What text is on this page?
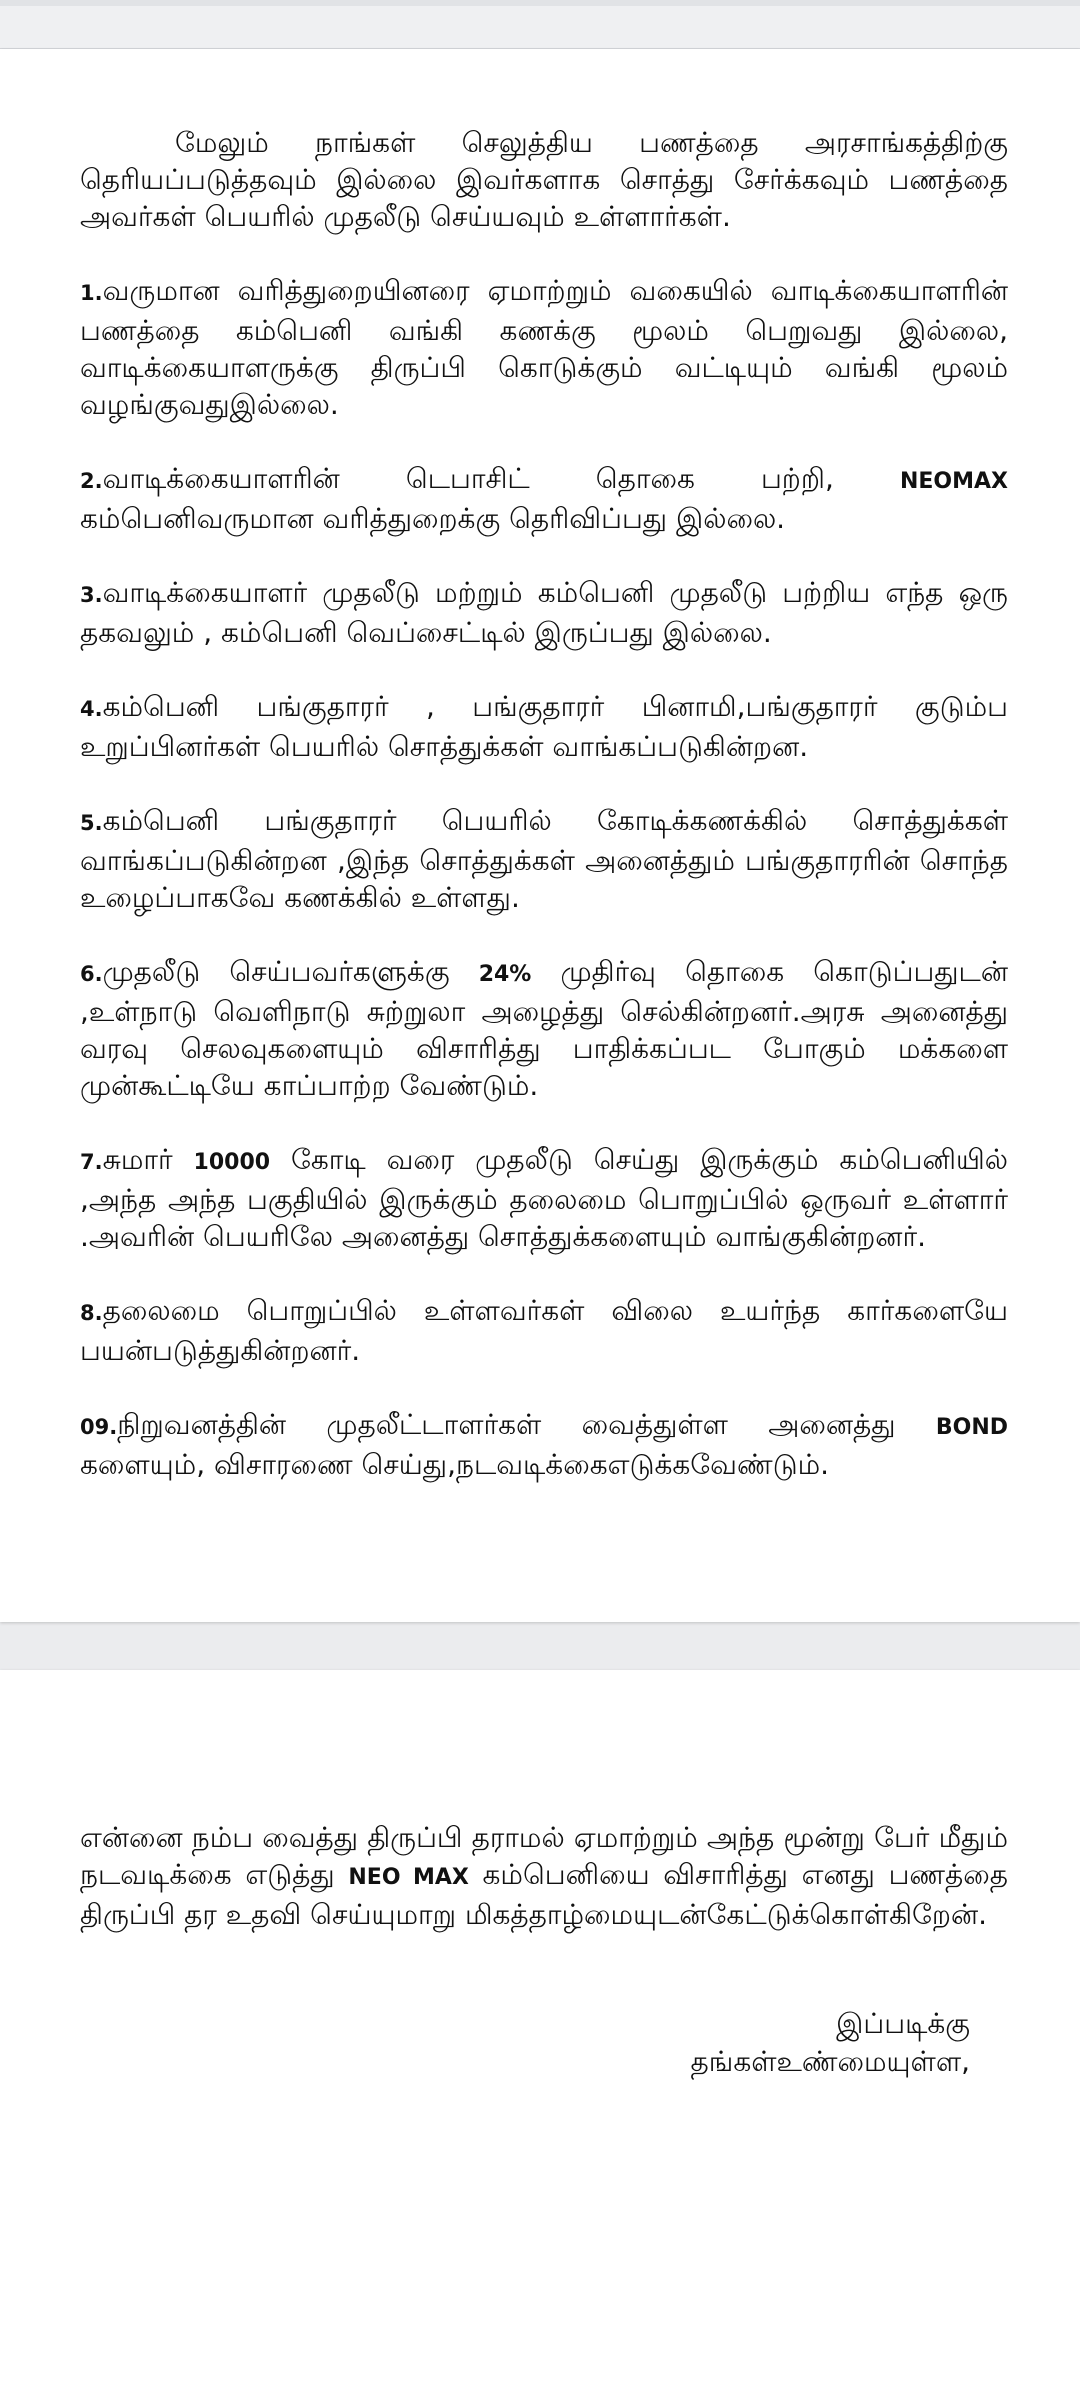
மேலும் நாங்கள் செலுத்திய பணத்தை அரசாங்கத்திற்கு தெரியப்படுத்தவும் இல்லை இவர்களாக சொத்து சேர்க்கவும் பணத்தை அவர்கள் பெயரில் முதலீடு செய்யவும் உள்ளார்கள்.

1.வருமான வரித்துறையினரை ஏமாற்றும் வகையில் வாடிக்கையாளரின் பணத்தை கம்பெனி வங்கி கணக்கு மூலம் பெறுவது இல்லை, வாடிக்கையாளருக்கு திருப்பி கொடுக்கும் வட்டியும் வங்கி மூலம் வழங்குவதுஇல்லை.

2.வாடிக்கையாளரின் டெபாசிட் தொகை பற்றி, NEOMAX கம்பெனிவருமான வரித்துறைக்கு தெரிவிப்பது இல்லை.

3.வாடிக்கையாளர் முதலீடு மற்றும் கம்பெனி முதலீடு பற்றிய எந்த ஒரு தகவலும் , கம்பெனி வெப்சைட்டில் இருப்பது இல்லை.

4.கம்பெனி பங்குதாரர் , பங்குதாரர் பினாமி,பங்குதாரர் குடும்ப உறுப்பினர்கள் பெயரில் சொத்துக்கள் வாங்கப்படுகின்றன.

5.கம்பெனி பங்குதாரர் பெயரில் கோடிக்கணக்கில் சொத்துக்கள் வாங்கப்படுகின்றன ,இந்த சொத்துக்கள் அனைத்தும் பங்குதாரரின் சொந்த உழைப்பாகவே கணக்கில் உள்ளது.

6.முதலீடு செய்பவர்களுக்கு 24% முதிர்வு தொகை கொடுப்பதுடன் ,உள்நாடு வெளிநாடு சுற்றுலா அழைத்து செல்கின்றனர்.அரசு அனைத்து வரவு செலவுகளையும் விசாரித்து பாதிக்கப்பட போகும் மக்களை முன்கூட்டியே காப்பாற்ற வேண்டும்.

7.சுமார் 10000 கோடி வரை முதலீடு செய்து இருக்கும் கம்பெனியில் ,அந்த அந்த பகுதியில் இருக்கும் தலைமை பொறுப்பில் ஒருவர் உள்ளார் .அவரின் பெயரிலே அனைத்து சொத்துக்களையும் வாங்குகின்றனர்.

8.தலைமை பொறுப்பில் உள்ளவர்கள் விலை உயர்ந்த கார்களையே பயன்படுத்துகின்றனர்.

09.நிறுவனத்தின் முதலீட்டாளர்கள் வைத்துள்ள அனைத்து BOND களையும், விசாரணை செய்து,நடவடிக்கைஎடுக்கவேண்டும்.

என்னை நம்ப வைத்து திருப்பி தராமல் ஏமாற்றும் அந்த மூன்று பேர் மீதும் நடவடிக்கை எடுத்து NEO MAX கம்பெனியை விசாரித்து எனது பணத்தை திருப்பி தர உதவி செய்யுமாறு மிகத்தாழ்மையுடன்கேட்டுக்கொள்கிறேன்.

இப்படிக்கு
தங்கள்உண்மையுள்ள,
